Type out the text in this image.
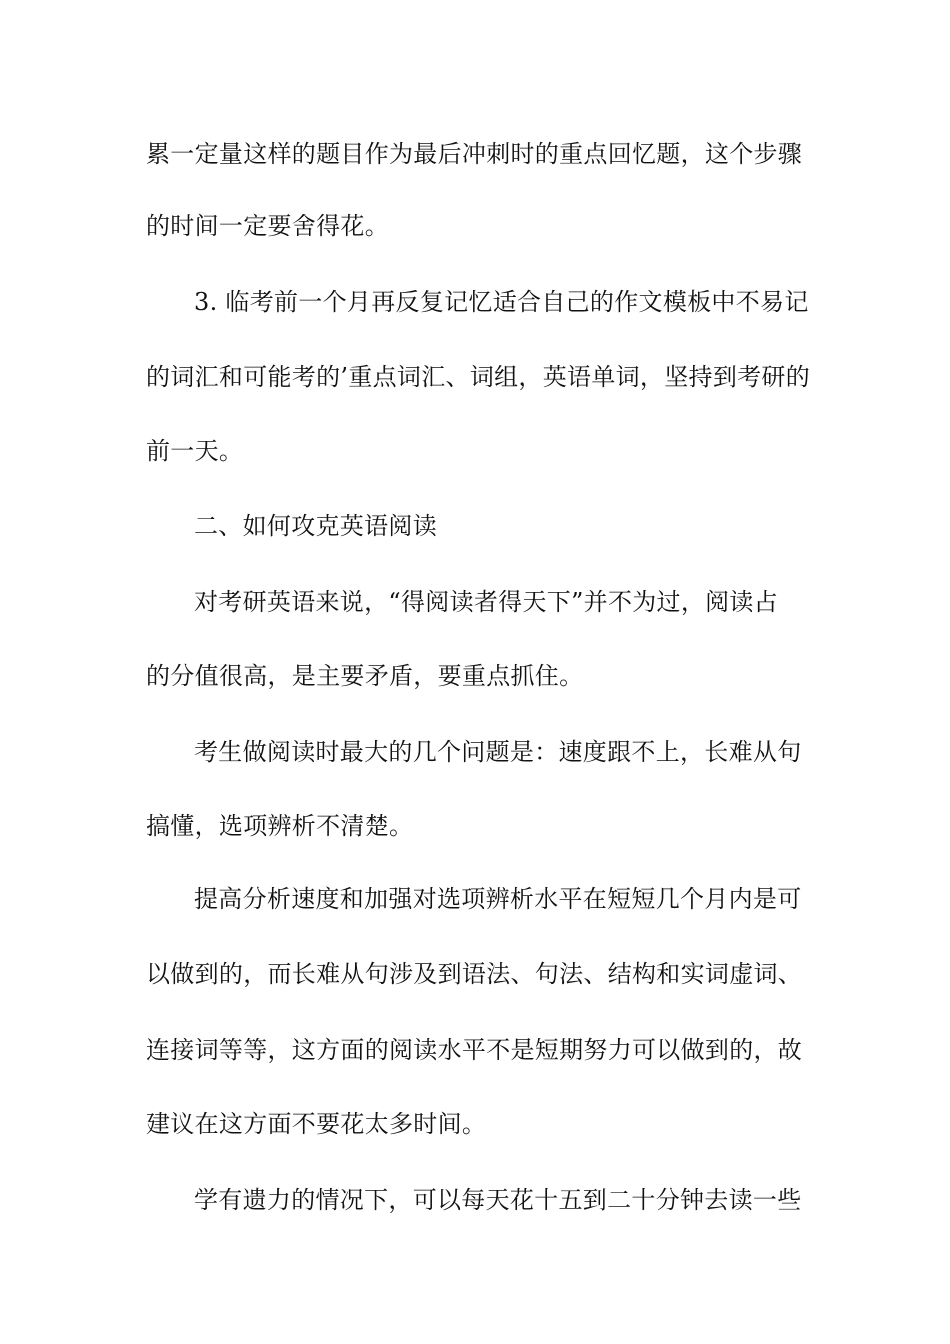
累一定量这样的题目作为最后冲刺时的重点回忆题，这个步骤
的时间一定要舍得花。
3. 临考前一个月再反复记忆适合自己的作文模板中不易记
的词汇和可能考的’重点词汇、词组，英语单词，坚持到考研的
前一天。
二、如何攻克英语阅读
对考研英语来说，“得阅读者得天下”并不为过，阅读占
的分值很高，是主要矛盾，要重点抓住。
考生做阅读时最大的几个问题是：速度跟不上，长难从句
搞懂，选项辨析不清楚。
提高分析速度和加强对选项辨析水平在短短几个月内是可
以做到的，而长难从句涉及到语法、句法、结构和实词虚词、
连接词等等，这方面的阅读水平不是短期努力可以做到的，故
建议在这方面不要花太多时间。
学有遗力的情况下，可以每天花十五到二十分钟去读一些
